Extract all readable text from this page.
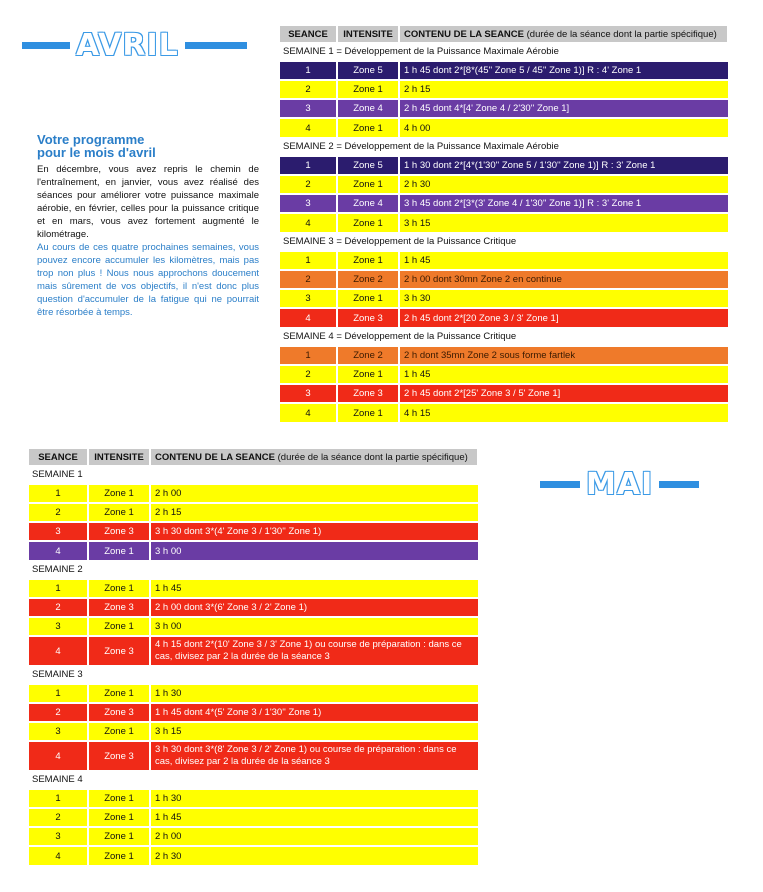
AVRIL
Votre programme
pour le mois d'avril

En décembre, vous avez repris le chemin de l'entraînement, en janvier, vous avez réalisé des séances pour améliorer votre puissance maximale aérobie, en février, celles pour la puissance critique et en mars, vous avez fortement augmenté le kilométrage.

Au cours de ces quatre prochaines semaines, vous pouvez encore accumuler les kilomètres, mais pas trop non plus ! Nous nous approchons doucement mais sûrement de vos objectifs, il n'est donc plus question d'accumuler de la fatigue qui ne pourrait être résorbée à temps.

SEANCE	INTENSITE	CONTENU DE LA SEANCE (durée de la séance dont la partie spécifique)
SEMAINE 1 = Développement de la Puissance Maximale Aérobie		
1	Zone 5	1 h 45 dont 2*[8*(45'' Zone 5 / 45'' Zone 1)] R : 4' Zone 1
2	Zone 1	2 h 15
3	Zone 4	2 h 45 dont 4*[4' Zone 4 / 2'30'' Zone 1]
4	Zone 1	4 h 00
SEMAINE 2 = Développement de la Puissance Maximale Aérobie		
1	Zone 5	1 h 30 dont 2*[4*(1'30'' Zone 5 / 1'30'' Zone 1)] R : 3' Zone 1
2	Zone 1	2 h 30
3	Zone 4	3 h 45 dont 2*[3*(3' Zone 4 / 1'30'' Zone 1)] R : 3' Zone 1
4	Zone 1	3 h 15
SEMAINE 3 = Développement de la Puissance Critique		
1	Zone 1	1 h 45
2	Zone 2	2 h 00 dont 30mn Zone 2 en continue
3	Zone 1	3 h 30
4	Zone 3	2 h 45 dont 2*[20 Zone 3 / 3' Zone 1]
SEMAINE 4 = Développement de la Puissance Critique		
1	Zone 2	2 h dont 35mn Zone 2 sous forme fartlek
2	Zone 1	1 h 45
3	Zone 3	2 h 45 dont 2*[25' Zone 3 / 5' Zone 1]
4	Zone 1	4 h 15
MAI
SEANCE	INTENSITE	CONTENU DE LA SEANCE (durée de la séance dont la partie spécifique)
SEMAINE 1		
1	Zone 1	2 h 00
2	Zone 1	2 h 15
3	Zone 3	3 h 30 dont 3*(4' Zone 3 / 1'30'' Zone 1)
4	Zone 1	3 h 00
SEMAINE 2		
1	Zone 1	1 h 45
2	Zone 3	2 h 00 dont 3*(6' Zone 3 / 2' Zone 1)
3	Zone 1	3 h 00
4	Zone 3	4 h 15 dont 2*(10' Zone 3 / 3' Zone 1) ou course de préparation : dans ce cas, divisez par 2 la durée de la séance 3
SEMAINE 3		
1	Zone 1	1 h 30
2	Zone 3	1 h 45 dont 4*(5' Zone 3 / 1'30'' Zone 1)
3	Zone 1	3 h 15
4	Zone 3	3 h 30 dont 3*(8' Zone 3 / 2' Zone 1) ou course de préparation : dans ce cas, divisez par 2 la durée de la séance 3
SEMAINE 4		
1	Zone 1	1 h 30
2	Zone 1	1 h 45
3	Zone 1	2 h 00
4	Zone 1	2 h 30
